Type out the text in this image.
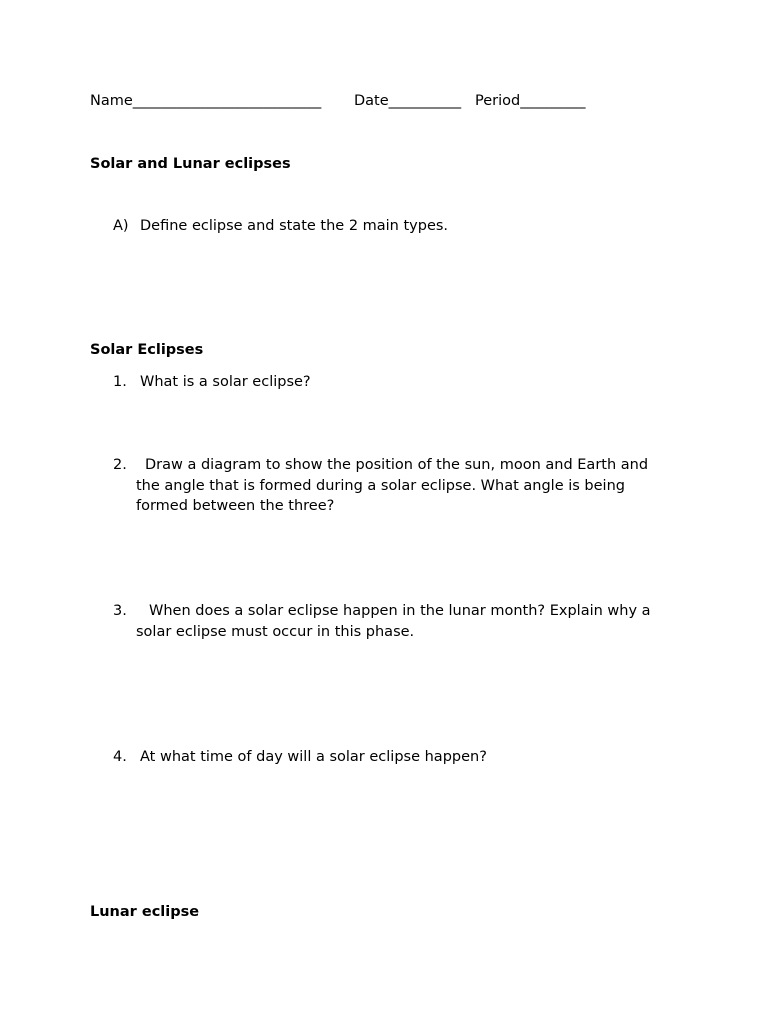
Name__________________________ Date__________ Period_________
Solar and Lunar eclipses
A) Define eclipse and state the 2 main types.
Solar Eclipses
1. What is a solar eclipse?
2.	Draw a diagram to show the position of the sun, moon and Earth and
the angle that is formed during a solar eclipse. What angle is being
formed between the three?
3.	When does a solar eclipse happen in the lunar month? Explain why a
solar eclipse must occur in this phase.
4. At what time of day will a solar eclipse happen?
Lunar eclipse
